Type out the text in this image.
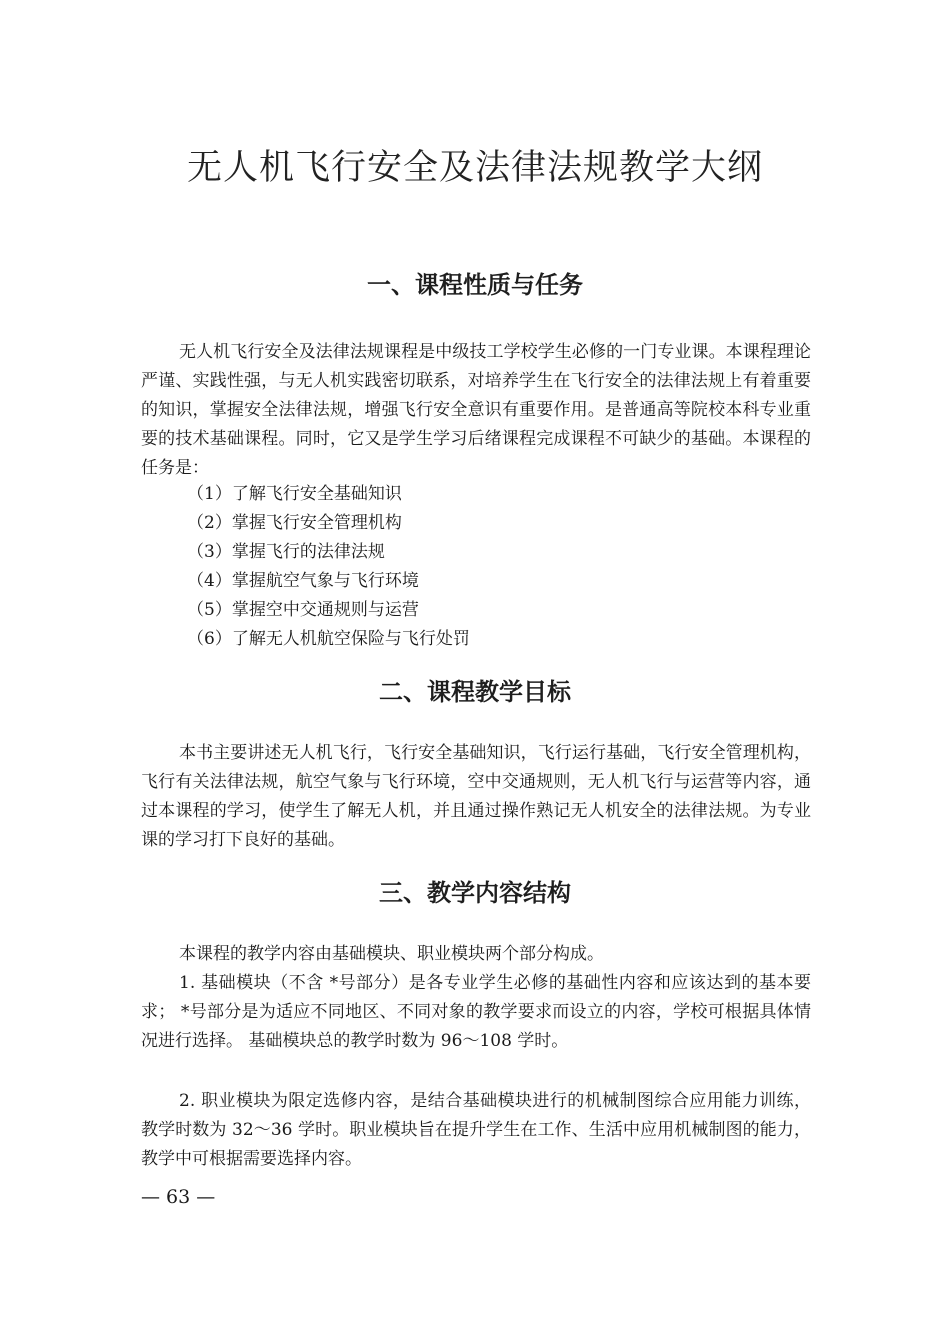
无人机飞行安全及法律法规教学大纲
一、课程性质与任务

无人机飞行安全及法律法规课程是中级技工学校学生必修的一门专业课。本课程理论严谨、实践性强，与无人机实践密切联系，对培养学生在飞行安全的法律法规上有着重要的知识，掌握安全法律法规，增强飞行安全意识有重要作用。是普通高等院校本科专业重要的技术基础课程。同时，它又是学生学习后绪课程完成课程不可缺少的基础。本课程的任务是：

（1）了解飞行安全基础知识
（2）掌握飞行安全管理机构
（3）掌握飞行的法律法规
（4）掌握航空气象与飞行环境
（5）掌握空中交通规则与运营
（6）了解无人机航空保险与飞行处罚
二、课程教学目标

本书主要讲述无人机飞行，飞行安全基础知识，飞行运行基础，飞行安全管理机构，飞行有关法律法规，航空气象与飞行环境，空中交通规则，无人机飞行与运营等内容，通过本课程的学习，使学生了解无人机，并且通过操作熟记无人机安全的法律法规。为专业课的学习打下良好的基础。

三、教学内容结构

本课程的教学内容由基础模块、职业模块两个部分构成。

1. 基础模块（不含 *号部分）是各专业学生必修的基础性内容和应该达到的基本要求； *号部分是为适应不同地区、不同对象的教学要求而设立的内容，学校可根据具体情况进行选择。 基础模块总的教学时数为 96～108 学时。

2. 职业模块为限定选修内容，是结合基础模块进行的机械制图综合应用能力训练，教学时数为 32～36 学时。职业模块旨在提升学生在工作、生活中应用机械制图的能力，教学中可根据需要选择内容。

— 63 —
